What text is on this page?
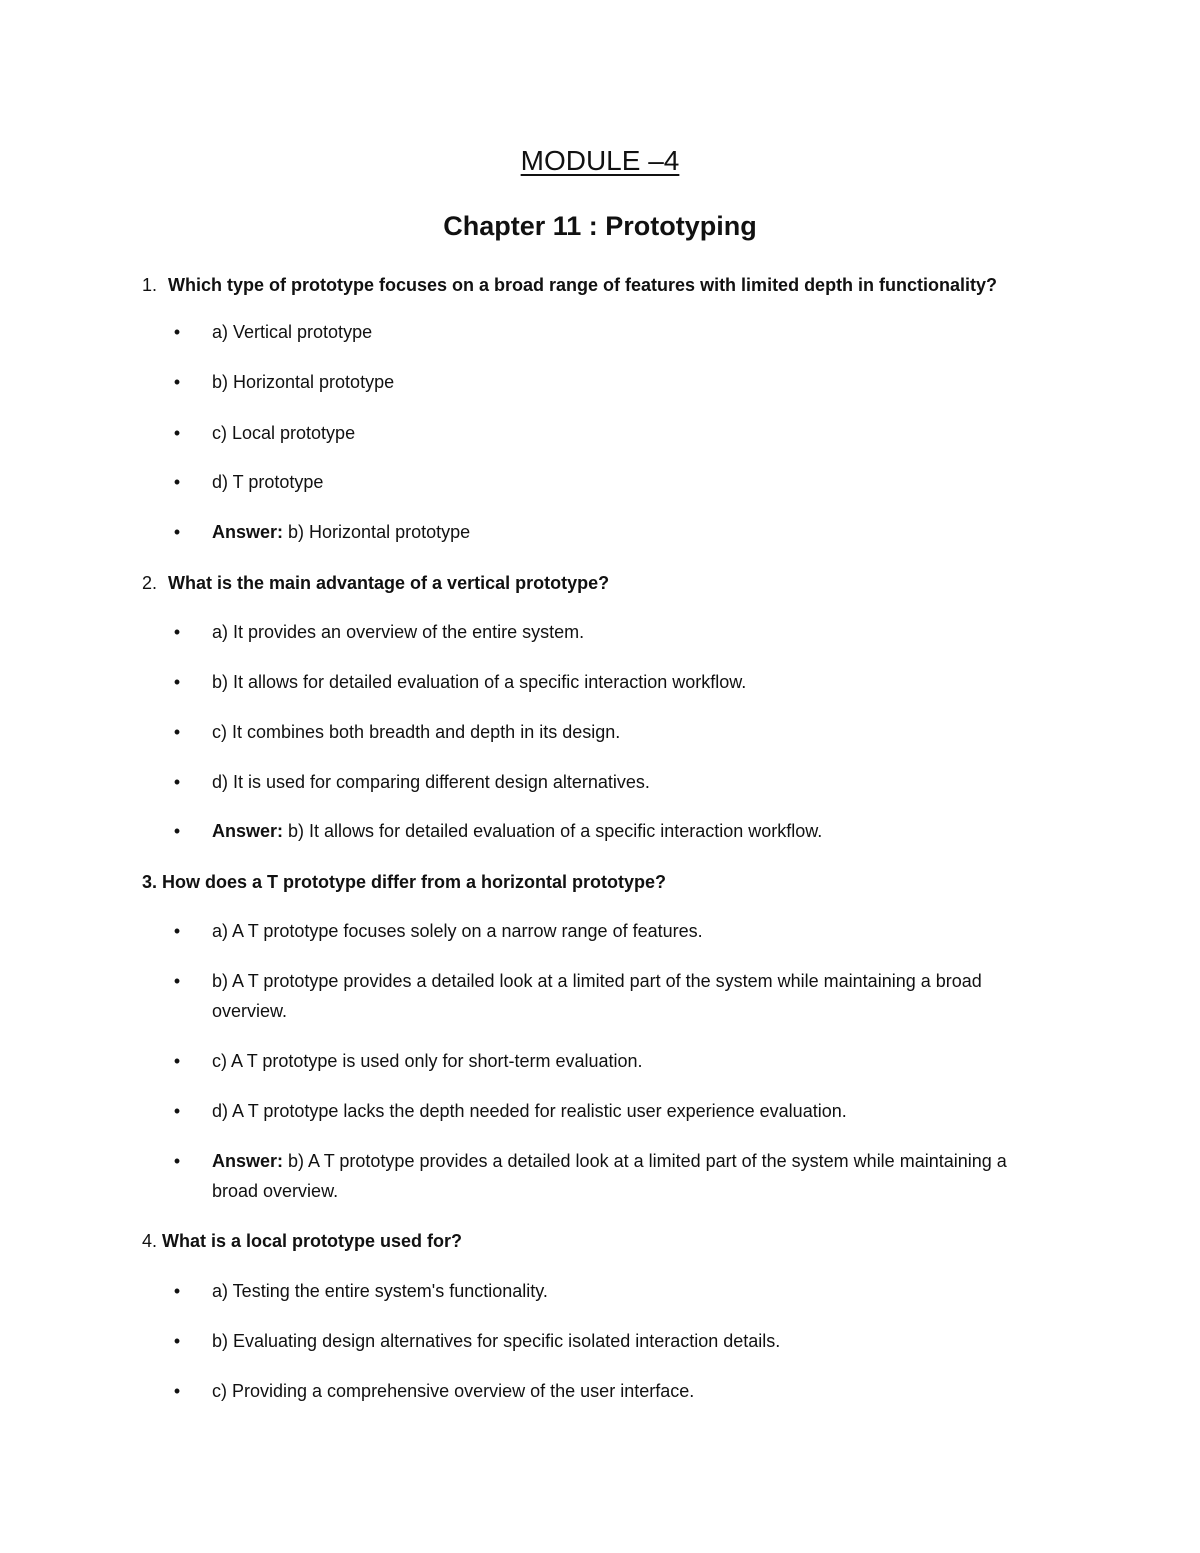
MODULE –4
Chapter 11 : Prototyping
1. Which type of prototype focuses on a broad range of features with limited depth in functionality?
• a) Vertical prototype
• b) Horizontal prototype
• c) Local prototype
• d) T prototype
• Answer: b) Horizontal prototype
2. What is the main advantage of a vertical prototype?
• a) It provides an overview of the entire system.
• b) It allows for detailed evaluation of a specific interaction workflow.
• c) It combines both breadth and depth in its design.
• d) It is used for comparing different design alternatives.
• Answer: b) It allows for detailed evaluation of a specific interaction workflow.
3. How does a T prototype differ from a horizontal prototype?
• a) A T prototype focuses solely on a narrow range of features.
• b) A T prototype provides a detailed look at a limited part of the system while maintaining a broad overview.
• c) A T prototype is used only for short-term evaluation.
• d) A T prototype lacks the depth needed for realistic user experience evaluation.
• Answer: b) A T prototype provides a detailed look at a limited part of the system while maintaining a broad overview.
4. What is a local prototype used for?
• a) Testing the entire system's functionality.
• b) Evaluating design alternatives for specific isolated interaction details.
• c) Providing a comprehensive overview of the user interface.
